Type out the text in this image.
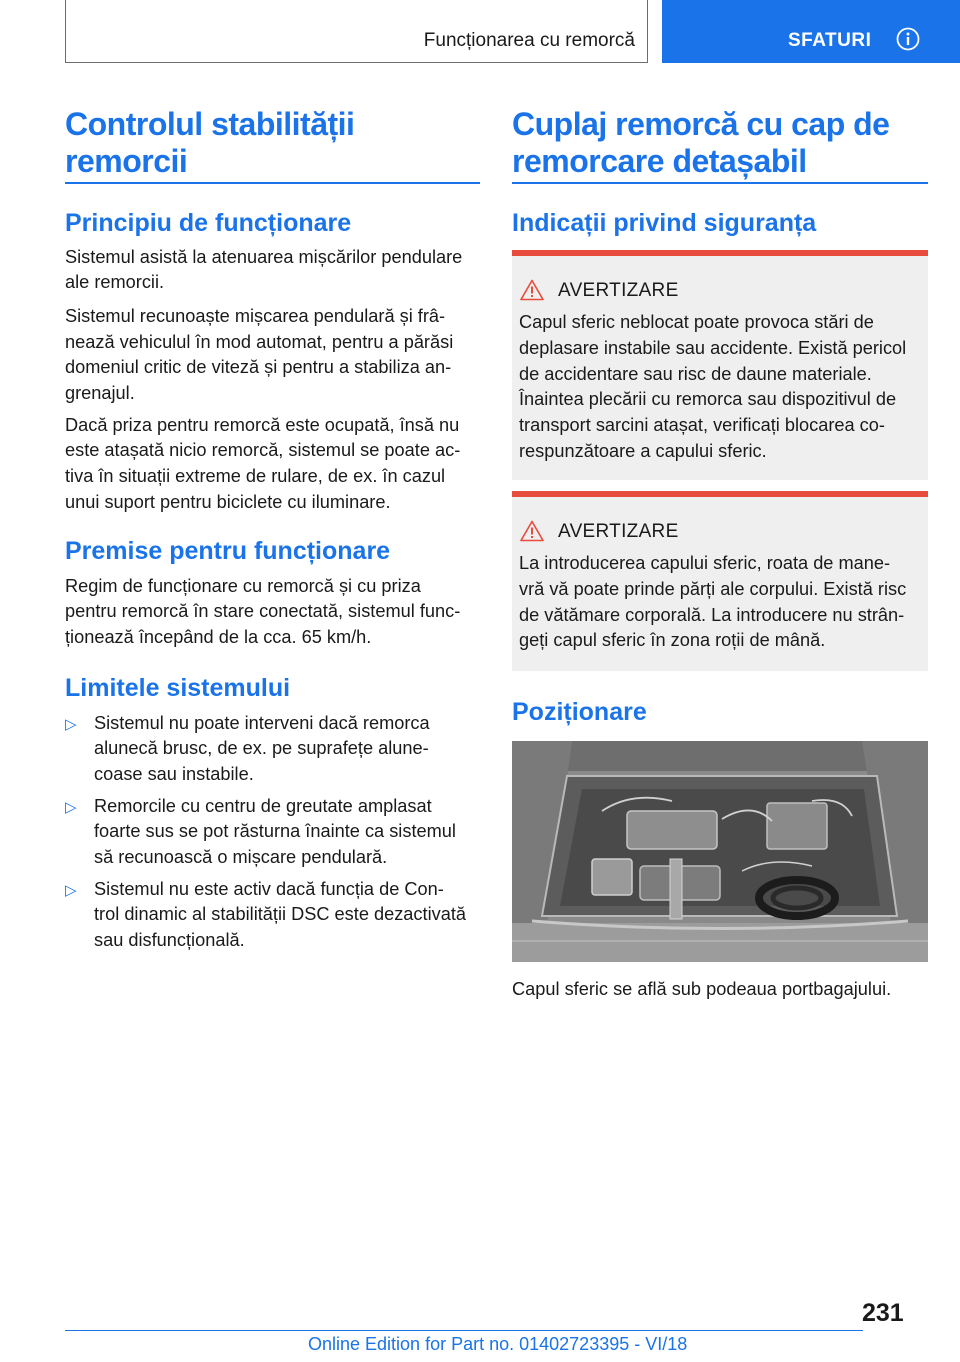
Funcționarea cu remorcă	SFATURI
Controlul stabilității
remorcii
Principiu de funcționare
Sistemul asistă la atenuarea mișcărilor pendulare
ale remorcii.
Sistemul recunoaște mișcarea pendulară și frâ‐
nează vehiculul în mod automat, pentru a părăsi
domeniul critic de viteză și pentru a stabiliza an‐
grenajul.
Dacă priza pentru remorcă este ocupată, însă nu
este atașată nicio remorcă, sistemul se poate ac‐
tiva în situații extreme de rulare, de ex. în cazul
unui suport pentru biciclete cu iluminare.
Premise pentru funcționare
Regim de funcționare cu remorcă și cu priza
pentru remorcă în stare conectată, sistemul func‐
ționează începând de la cca. 65 km/h.
Limitele sistemului
▷ Sistemul nu poate interveni dacă remorca
alunecă brusc, de ex. pe suprafețe alune‐
coase sau instabile.
▷ Remorcile cu centru de greutate amplasat
foarte sus se pot răsturna înainte ca sistemul
să recunoască o mișcare pendulară.
▷ Sistemul nu este activ dacă funcția de Con‐
trol dinamic al stabilității DSC este dezactivată
sau disfuncțională.
Cuplaj remorcă cu cap de
remorcare detașabil
Indicații privind siguranța
AVERTIZARE
Capul sferic neblocat poate provoca stări de
deplasare instabile sau accidente. Există pericol
de accidentare sau risc de daune materiale.
Înaintea plecării cu remorca sau dispozitivul de
transport sarcini atașat, verificați blocarea co‐
respunzătoare a capului sferic.
AVERTIZARE
La introducerea capului sferic, roata de mane‐
vră vă poate prinde părți ale corpului. Există risc
de vătămare corporală. La introducere nu strân‐
geți capul sferic în zona roții de mână.
Poziționare
Capul sferic se află sub podeaua portbagajului.
231
Online Edition for Part no. 01402723395 - VI/18
